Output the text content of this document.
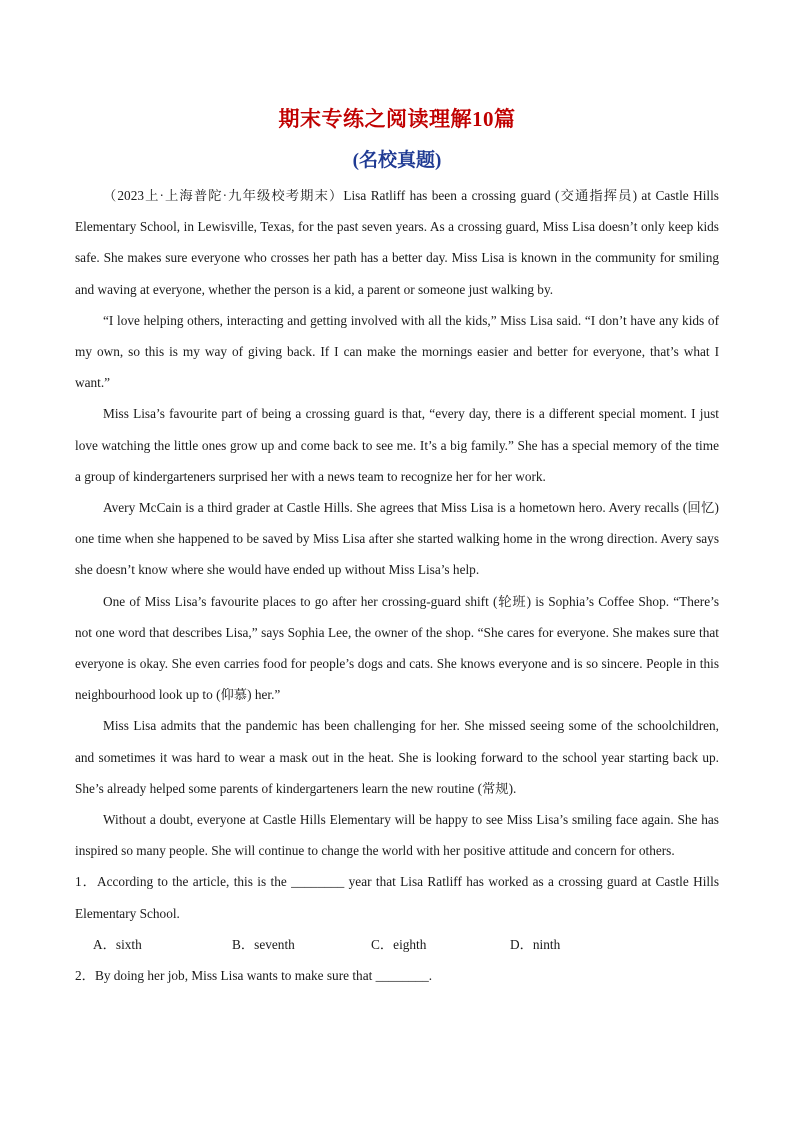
期末专练之阅读理解10篇
(名校真题)

（2023上·上海普陀·九年级校考期末）Lisa Ratliff has been a crossing guard (交通指挥员) at Castle Hills Elementary School, in Lewisville, Texas, for the past seven years. As a crossing guard, Miss Lisa doesn’t only keep kids safe. She makes sure everyone who crosses her path has a better day. Miss Lisa is known in the community for smiling and waving at everyone, whether the person is a kid, a parent or someone just walking by.

“I love helping others, interacting and getting involved with all the kids,” Miss Lisa said. “I don’t have any kids of my own, so this is my way of giving back. If I can make the mornings easier and better for everyone, that’s what I want.”

Miss Lisa’s favourite part of being a crossing guard is that, “every day, there is a different special moment. I just love watching the little ones grow up and come back to see me. It’s a big family.” She has a special memory of the time a group of kindergarteners surprised her with a news team to recognize her for her work.

Avery McCain is a third grader at Castle Hills. She agrees that Miss Lisa is a hometown hero. Avery recalls (回忆) one time when she happened to be saved by Miss Lisa after she started walking home in the wrong direction. Avery says she doesn’t know where she would have ended up without Miss Lisa’s help.

One of Miss Lisa’s favourite places to go after her crossing-guard shift (轮班) is Sophia’s Coffee Shop. “There’s not one word that describes Lisa,” says Sophia Lee, the owner of the shop. “She cares for everyone. She makes sure that everyone is okay. She even carries food for people’s dogs and cats. She knows everyone and is so sincere. People in this neighbourhood look up to (仰慕) her.”

Miss Lisa admits that the pandemic has been challenging for her. She missed seeing some of the schoolchildren, and sometimes it was hard to wear a mask out in the heat. She is looking forward to the school year starting back up. She’s already helped some parents of kindergarteners learn the new routine (常规).

Without a doubt, everyone at Castle Hills Elementary will be happy to see Miss Lisa’s smiling face again. She has inspired so many people. She will continue to change the world with her positive attitude and concern for others.

1．According to the article, this is the ________ year that Lisa Ratliff has worked as a crossing guard at Castle Hills Elementary School.

A．sixth	B．seventh	C．eighth	D．ninth

2．By doing her job, Miss Lisa wants to make sure that ________.
